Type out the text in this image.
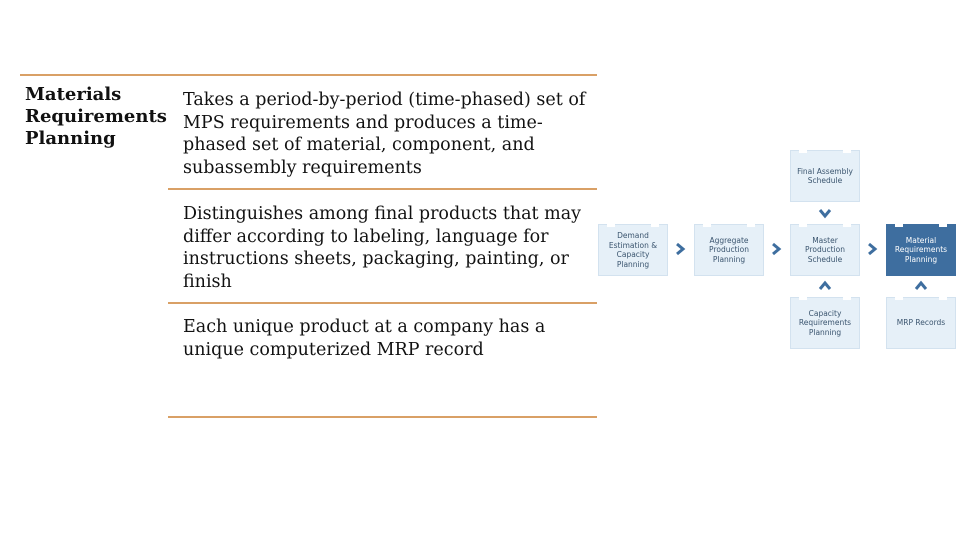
Materials Requirements Planning
Takes a period-by-period (time-phased) set of MPS requirements and produces a time-phased set of material, component, and subassembly requirements
Distinguishes among final products that may differ according to labeling, language for instructions sheets, packaging, painting, or finish
Each unique product at a company has a unique computerized MRP record
Final Assembly Schedule
Demand Estimation & Capacity Planning
Aggregate Production Planning
Master Production Schedule
Material Requirements Planning
Capacity Requirements Planning
MRP Records
